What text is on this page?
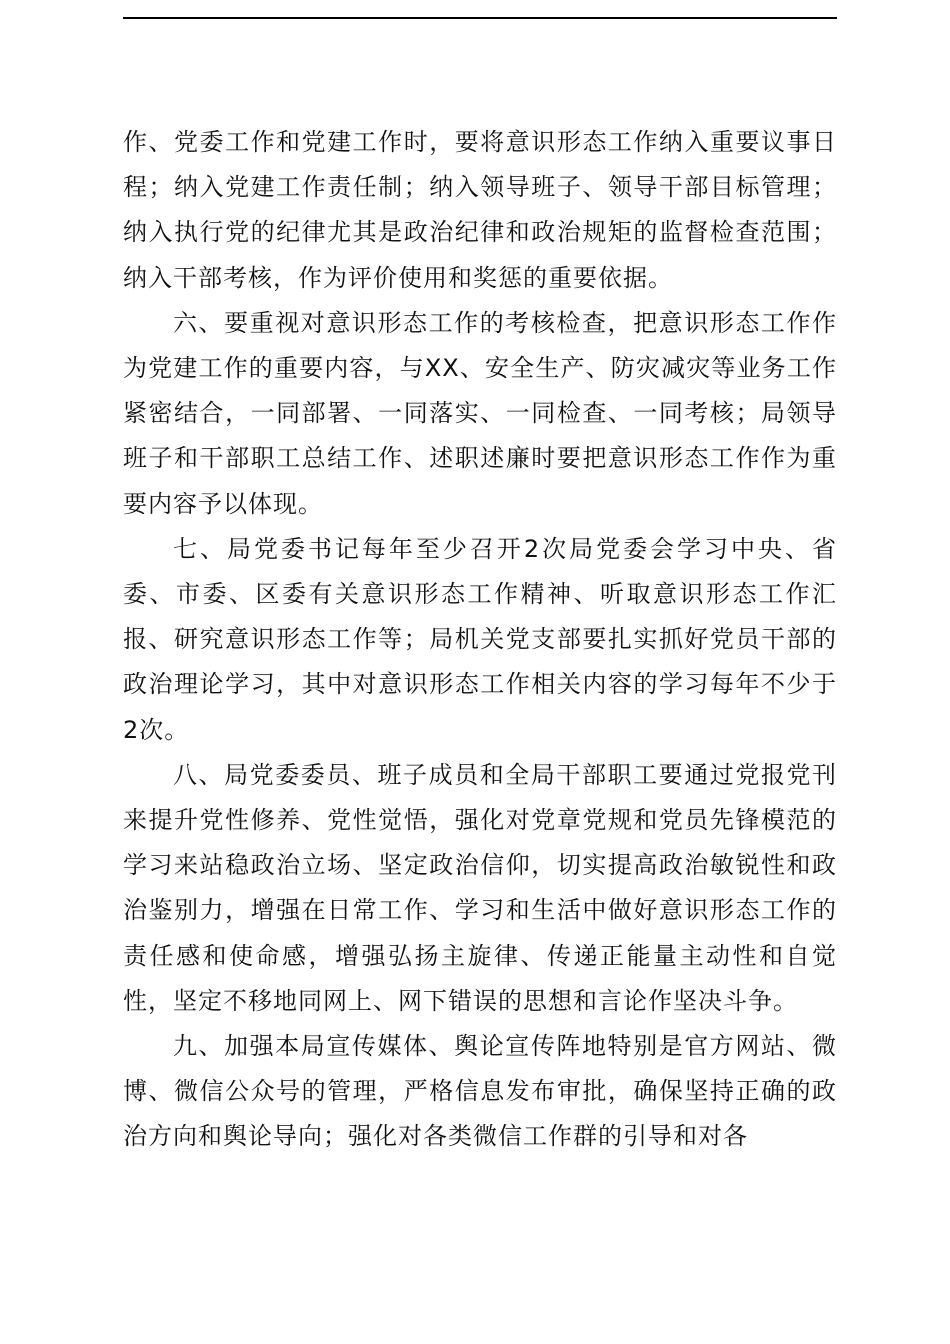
作、党委工作和党建工作时，要将意识形态工作纳入重要议事日程；纳入党建工作责任制；纳入领导班子、领导干部目标管理；纳入执行党的纪律尤其是政治纪律和政治规矩的监督检查范围；纳入干部考核，作为评价使用和奖惩的重要依据。

六、要重视对意识形态工作的考核检查，把意识形态工作作为党建工作的重要内容，与XX、安全生产、防灾减灾等业务工作紧密结合，一同部署、一同落实、一同检查、一同考核；局领导班子和干部职工总结工作、述职述廉时要把意识形态工作作为重要内容予以体现。

七、局党委书记每年至少召开2次局党委会学习中央、省委、市委、区委有关意识形态工作精神、听取意识形态工作汇报、研究意识形态工作等；局机关党支部要扎实抓好党员干部的政治理论学习，其中对意识形态工作相关内容的学习每年不少于2次。

八、局党委委员、班子成员和全局干部职工要通过党报党刊来提升党性修养、党性觉悟，强化对党章党规和党员先锋模范的学习来站稳政治立场、坚定政治信仰，切实提高政治敏锐性和政治鉴别力，增强在日常工作、学习和生活中做好意识形态工作的责任感和使命感，增强弘扬主旋律、传递正能量主动性和自觉性，坚定不移地同网上、网下错误的思想和言论作坚决斗争。

九、加强本局宣传媒体、舆论宣传阵地特别是官方网站、微博、微信公众号的管理，严格信息发布审批，确保坚持正确的政治方向和舆论导向；强化对各类微信工作群的引导和对各
